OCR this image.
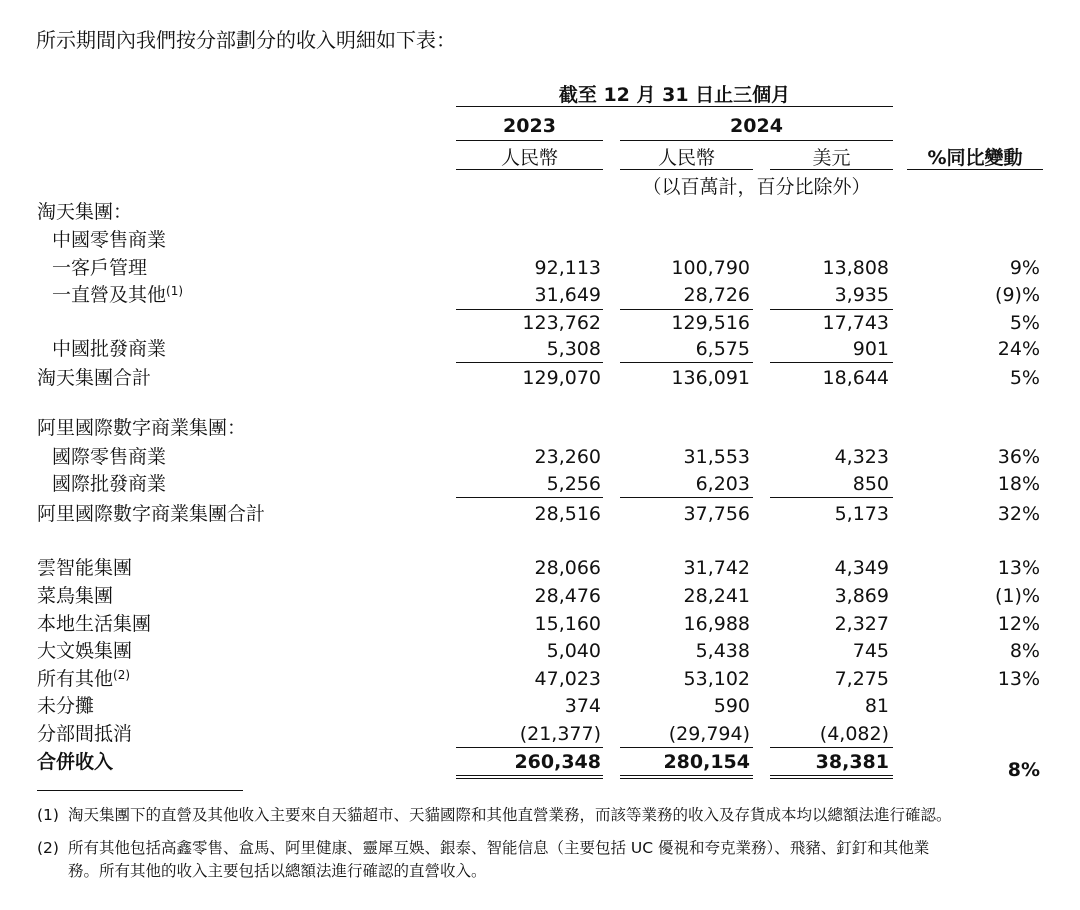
所示期間內我們按分部劃分的收入明細如下表：
截至 12 月 31 日止三個月
2023	2024
人民幣	人民幣	美元	%同比變動
（以百萬計，百分比除外）
淘天集團：
中國零售商業
一客戶管理	92,113	100,790	13,808	9%
一直營及其他$^{(1)}$	31,649	28,726	3,935	(9)%
123,762	129,516	17,743	5%
中國批發商業	5,308	6,575	901	24%
淘天集團合計	129,070	136,091	18,644	5%
阿里國際數字商業集團：
國際零售商業	23,260	31,553	4,323	36%
國際批發商業	5,256	6,203	850	18%
阿里國際數字商業集團合計	28,516	37,756	5,173	32%
雲智能集團	28,066	31,742	4,349	13%
菜鳥集團	28,476	28,241	3,869	(1)%
本地生活集團	15,160	16,988	2,327	12%
大文娛集團	5,040	5,438	745	8%
所有其他$^{(2)}$	47,023	53,102	7,275	13%
未分攤	374	590	81
分部間抵消	(21,377)	(29,794)	(4,082)
合併收入	260,348	280,154	38,381	8%
(1) 淘天集團下的直營及其他收入主要來自天貓超市、天貓國際和其他直營業務，而該等業務的收入及存貨成本均以總額法進行確認。
(2) 所有其他包括高鑫零售、盒馬、阿里健康、靈犀互娛、銀泰、智能信息（主要包括 UC 優視和夸克業務）、飛豬、釘釘和其他業
務。所有其他的收入主要包括以總額法進行確認的直營收入。
